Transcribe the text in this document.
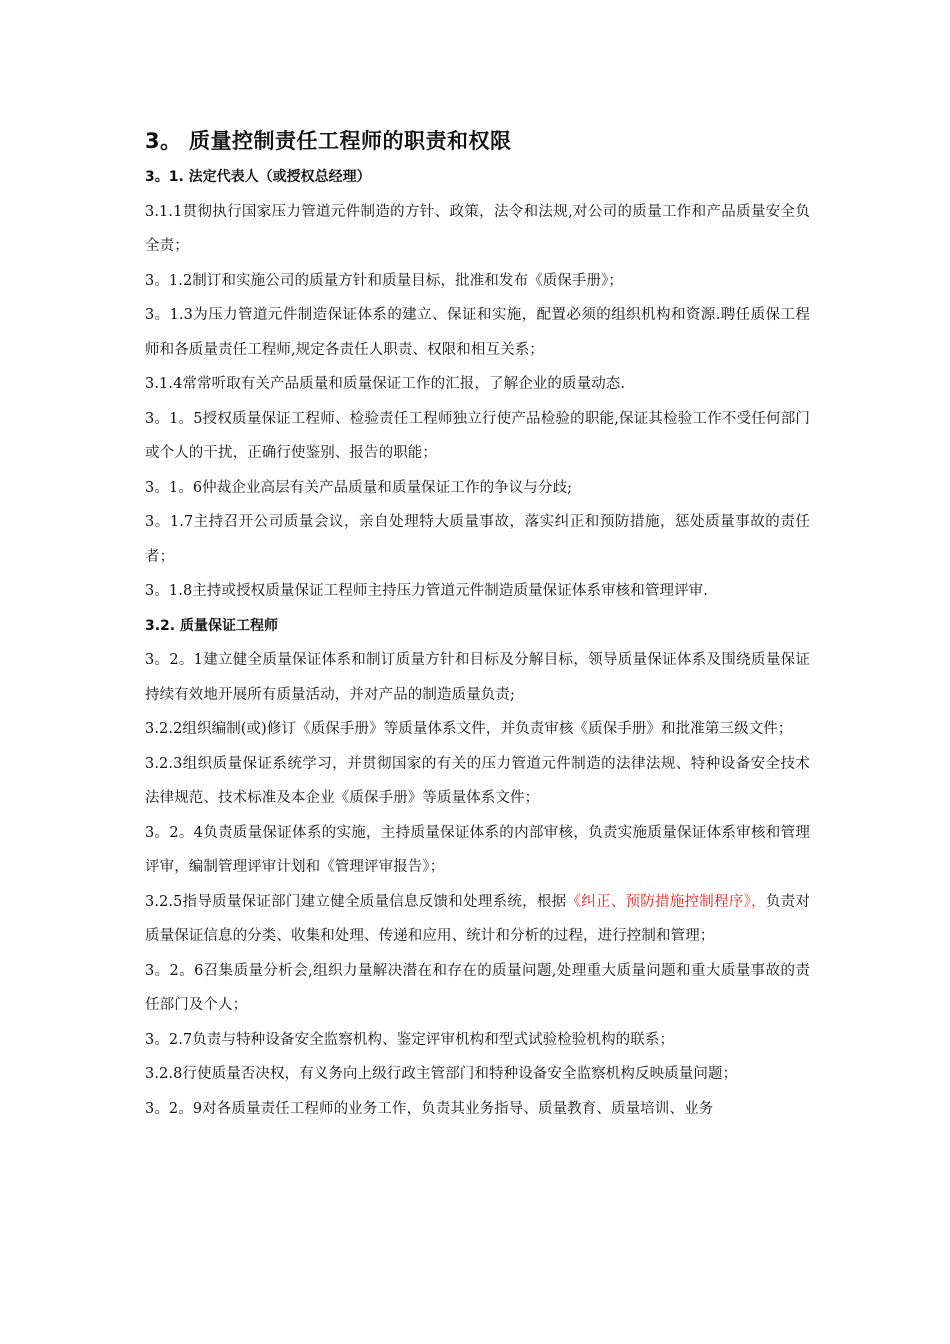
3。 质量控制责任工程师的职责和权限
3。1. 法定代表人（或授权总经理）

3.1.1贯彻执行国家压力管道元件制造的方针、政策，法令和法规,对公司的质量工作和产品质量安全负全责；

3。1.2制订和实施公司的质量方针和质量目标，批准和发布《质保手册》；

3。1.3为压力管道元件制造保证体系的建立、保证和实施，配置必须的组织机构和资源.聘任质保工程师和各质量责任工程师,规定各责任人职责、权限和相互关系；

3.1.4常常听取有关产品质量和质量保证工作的汇报，了解企业的质量动态.

3。1。5授权质量保证工程师、检验责任工程师独立行使产品检验的职能,保证其检验工作不受任何部门或个人的干扰，正确行使鉴别、报告的职能；

3。1。6仲裁企业高层有关产品质量和质量保证工作的争议与分歧;

3。1.7主持召开公司质量会议，亲自处理特大质量事故，落实纠正和预防措施，惩处质量事故的责任者；

3。1.8主持或授权质量保证工程师主持压力管道元件制造质量保证体系审核和管理评审.

3.2. 质量保证工程师

3。2。1建立健全质量保证体系和制订质量方针和目标及分解目标，领导质量保证体系及围绕质量保证持续有效地开展所有质量活动，并对产品的制造质量负责;

3.2.2组织编制(或)修订《质保手册》等质量体系文件，并负责审核《质保手册》和批准第三级文件；

3.2.3组织质量保证系统学习，并贯彻国家的有关的压力管道元件制造的法律法规、特种设备安全技术法律规范、技术标准及本企业《质保手册》等质量体系文件；

3。2。4负责质量保证体系的实施，主持质量保证体系的内部审核，负责实施质量保证体系审核和管理评审，编制管理评审计划和《管理评审报告》；

3.2.5指导质量保证部门建立健全质量信息反馈和处理系统，根据《纠正、预防措施控制程序》，负责对质量保证信息的分类、收集和处理、传递和应用、统计和分析的过程，进行控制和管理；

3。2。6召集质量分析会,组织力量解决潜在和存在的质量问题,处理重大质量问题和重大质量事故的责任部门及个人；

3。2.7负责与特种设备安全监察机构、鉴定评审机构和型式试验检验机构的联系；

3.2.8行使质量否决权，有义务向上级行政主管部门和特种设备安全监察机构反映质量问题；

3。2。9对各质量责任工程师的业务工作，负责其业务指导、质量教育、质量培训、业务
